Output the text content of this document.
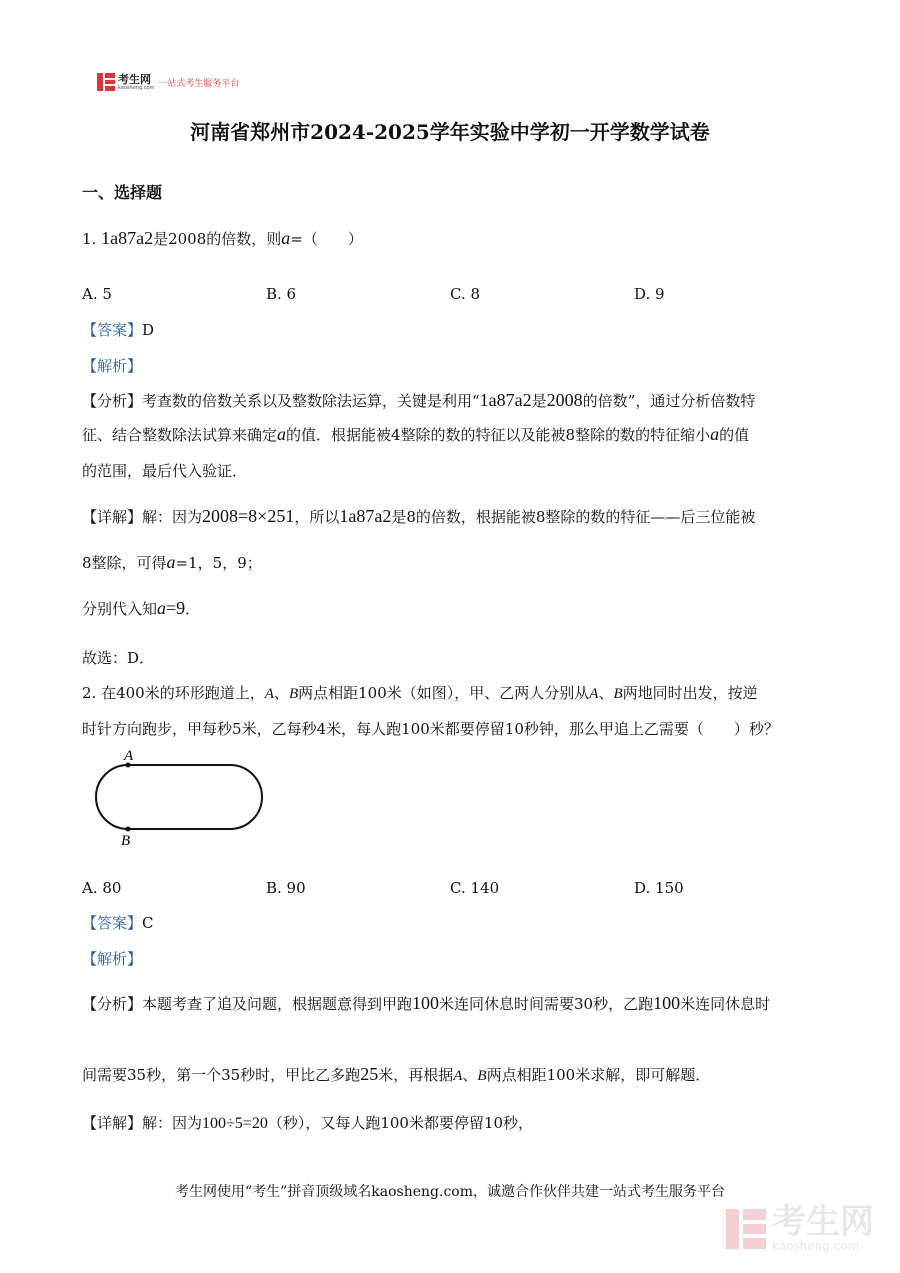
考生网
kaosheng.com 一站式考生服务平台
河南省郑州市2024-2025学年实验中学初一开学数学试卷
一、选择题
1. 1a87a2是2008的倍数，则a=（　　）
A. 5	B. 6	C. 8	D. 9
【答案】D
【解析】
【分析】考查数的倍数关系以及整数除法运算，关键是利用“1a87a2是2008的倍数”，通过分析倍数特
征、结合整数除法试算来确定a的值．根据能被4整除的数的特征以及能被8整除的数的特征缩小a的值
的范围，最后代入验证．
【详解】解：因为2008=8×251，所以1a87a2是8的倍数，根据能被8整除的数的特征——后三位能被
8整除，可得a=1，5，9；
分别代入知a=9．
故选：D．
2. 在400米的环形跑道上，A、B两点相距100米（如图），甲、乙两人分别从A、B两地同时出发，按逆
时针方向跑步，甲每秒5米，乙每秒4米，每人跑100米都要停留10秒钟，那么甲追上乙需要（　　）秒？
A
B
A. 80	B. 90	C. 140	D. 150
【答案】C
【解析】
【分析】本题考查了追及问题，根据题意得到甲跑100米连同休息时间需要30秒，乙跑100米连同休息时
间需要35秒，第一个35秒时，甲比乙多跑25米，再根据A、B两点相距100米求解，即可解题．
【详解】解：因为100÷5=20（秒），又每人跑100米都要停留10秒，
考生网使用“考生”拼音顶级域名kaosheng.com，诚邀合作伙伴共建一站式考生服务平台
考生网
kaosheng.com
